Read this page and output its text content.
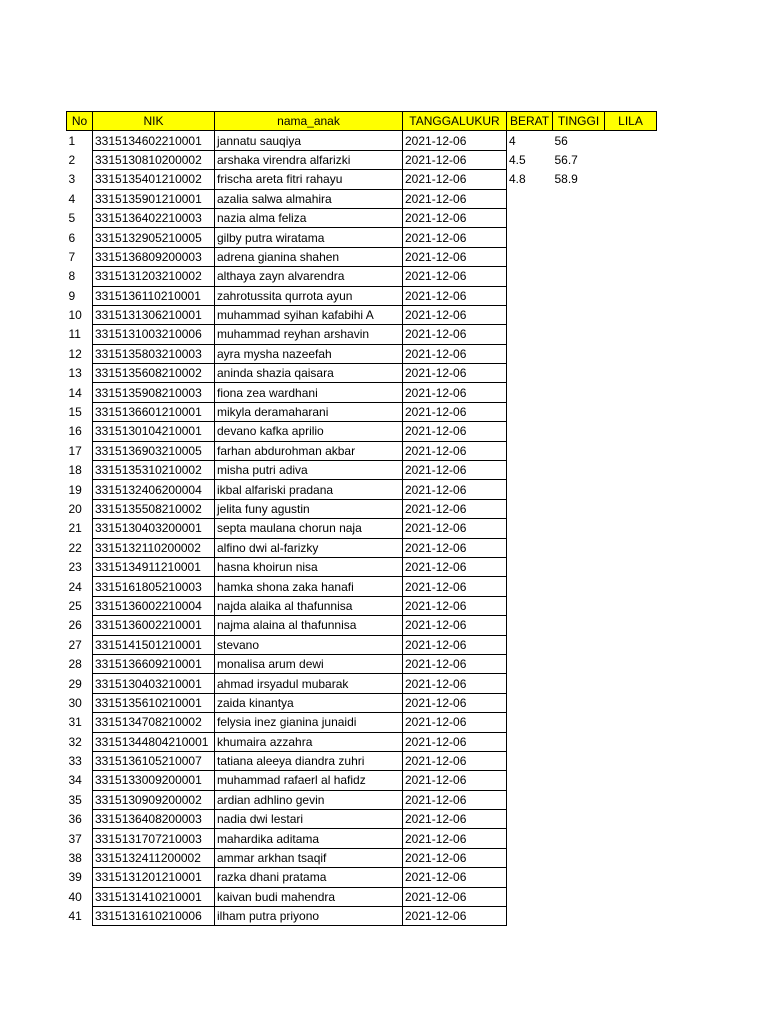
No	NIK	nama_anak	TANGGALUKUR	BERAT	TINGGI	LILA
1	3315134602210001	jannatu sauqiya	2021-12-06	4	56	
2	3315130810200002	arshaka virendra alfarizki	2021-12-06	4.5	56.7	
3	3315135401210002	frischa areta fitri rahayu	2021-12-06	4.8	58.9	
4	3315135901210001	azalia salwa almahira	2021-12-06			
5	3315136402210003	nazia alma feliza	2021-12-06			
6	3315132905210005	gilby putra wiratama	2021-12-06			
7	3315136809200003	adrena gianina shahen	2021-12-06			
8	3315131203210002	althaya zayn alvarendra	2021-12-06			
9	3315136110210001	zahrotussita qurrota ayun	2021-12-06			
10	3315131306210001	muhammad syihan kafabihi A	2021-12-06			
11	3315131003210006	muhammad reyhan arshavin	2021-12-06			
12	3315135803210003	ayra mysha nazeefah	2021-12-06			
13	3315135608210002	aninda shazia qaisara	2021-12-06			
14	3315135908210003	fiona zea wardhani	2021-12-06			
15	3315136601210001	mikyla deramaharani	2021-12-06			
16	3315130104210001	devano kafka aprilio	2021-12-06			
17	3315136903210005	farhan abdurohman akbar	2021-12-06			
18	3315135310210002	misha putri adiva	2021-12-06			
19	3315132406200004	ikbal alfariski pradana	2021-12-06			
20	3315135508210002	jelita funy agustin	2021-12-06			
21	3315130403200001	septa maulana chorun naja	2021-12-06			
22	3315132110200002	alfino dwi al-farizky	2021-12-06			
23	3315134911210001	hasna khoirun nisa	2021-12-06			
24	3315161805210003	hamka shona zaka hanafi	2021-12-06			
25	3315136002210004	najda alaika al thafunnisa	2021-12-06			
26	3315136002210001	najma alaina al thafunnisa	2021-12-06			
27	3315141501210001	stevano	2021-12-06			
28	3315136609210001	monalisa arum dewi	2021-12-06			
29	3315130403210001	ahmad irsyadul mubarak	2021-12-06			
30	3315135610210001	zaida kinantya	2021-12-06			
31	3315134708210002	felysia inez gianina junaidi	2021-12-06			
32	33151344804210001	khumaira azzahra	2021-12-06			
33	3315136105210007	tatiana aleeya diandra zuhri	2021-12-06			
34	3315133009200001	muhammad rafaerl al hafidz	2021-12-06			
35	3315130909200002	ardian adhlino gevin	2021-12-06			
36	3315136408200003	nadia dwi lestari	2021-12-06			
37	3315131707210003	mahardika aditama	2021-12-06			
38	3315132411200002	ammar arkhan tsaqif	2021-12-06			
39	3315131201210001	razka dhani pratama	2021-12-06			
40	3315131410210001	kaivan budi mahendra	2021-12-06			
41	3315131610210006	ilham putra priyono	2021-12-06			
